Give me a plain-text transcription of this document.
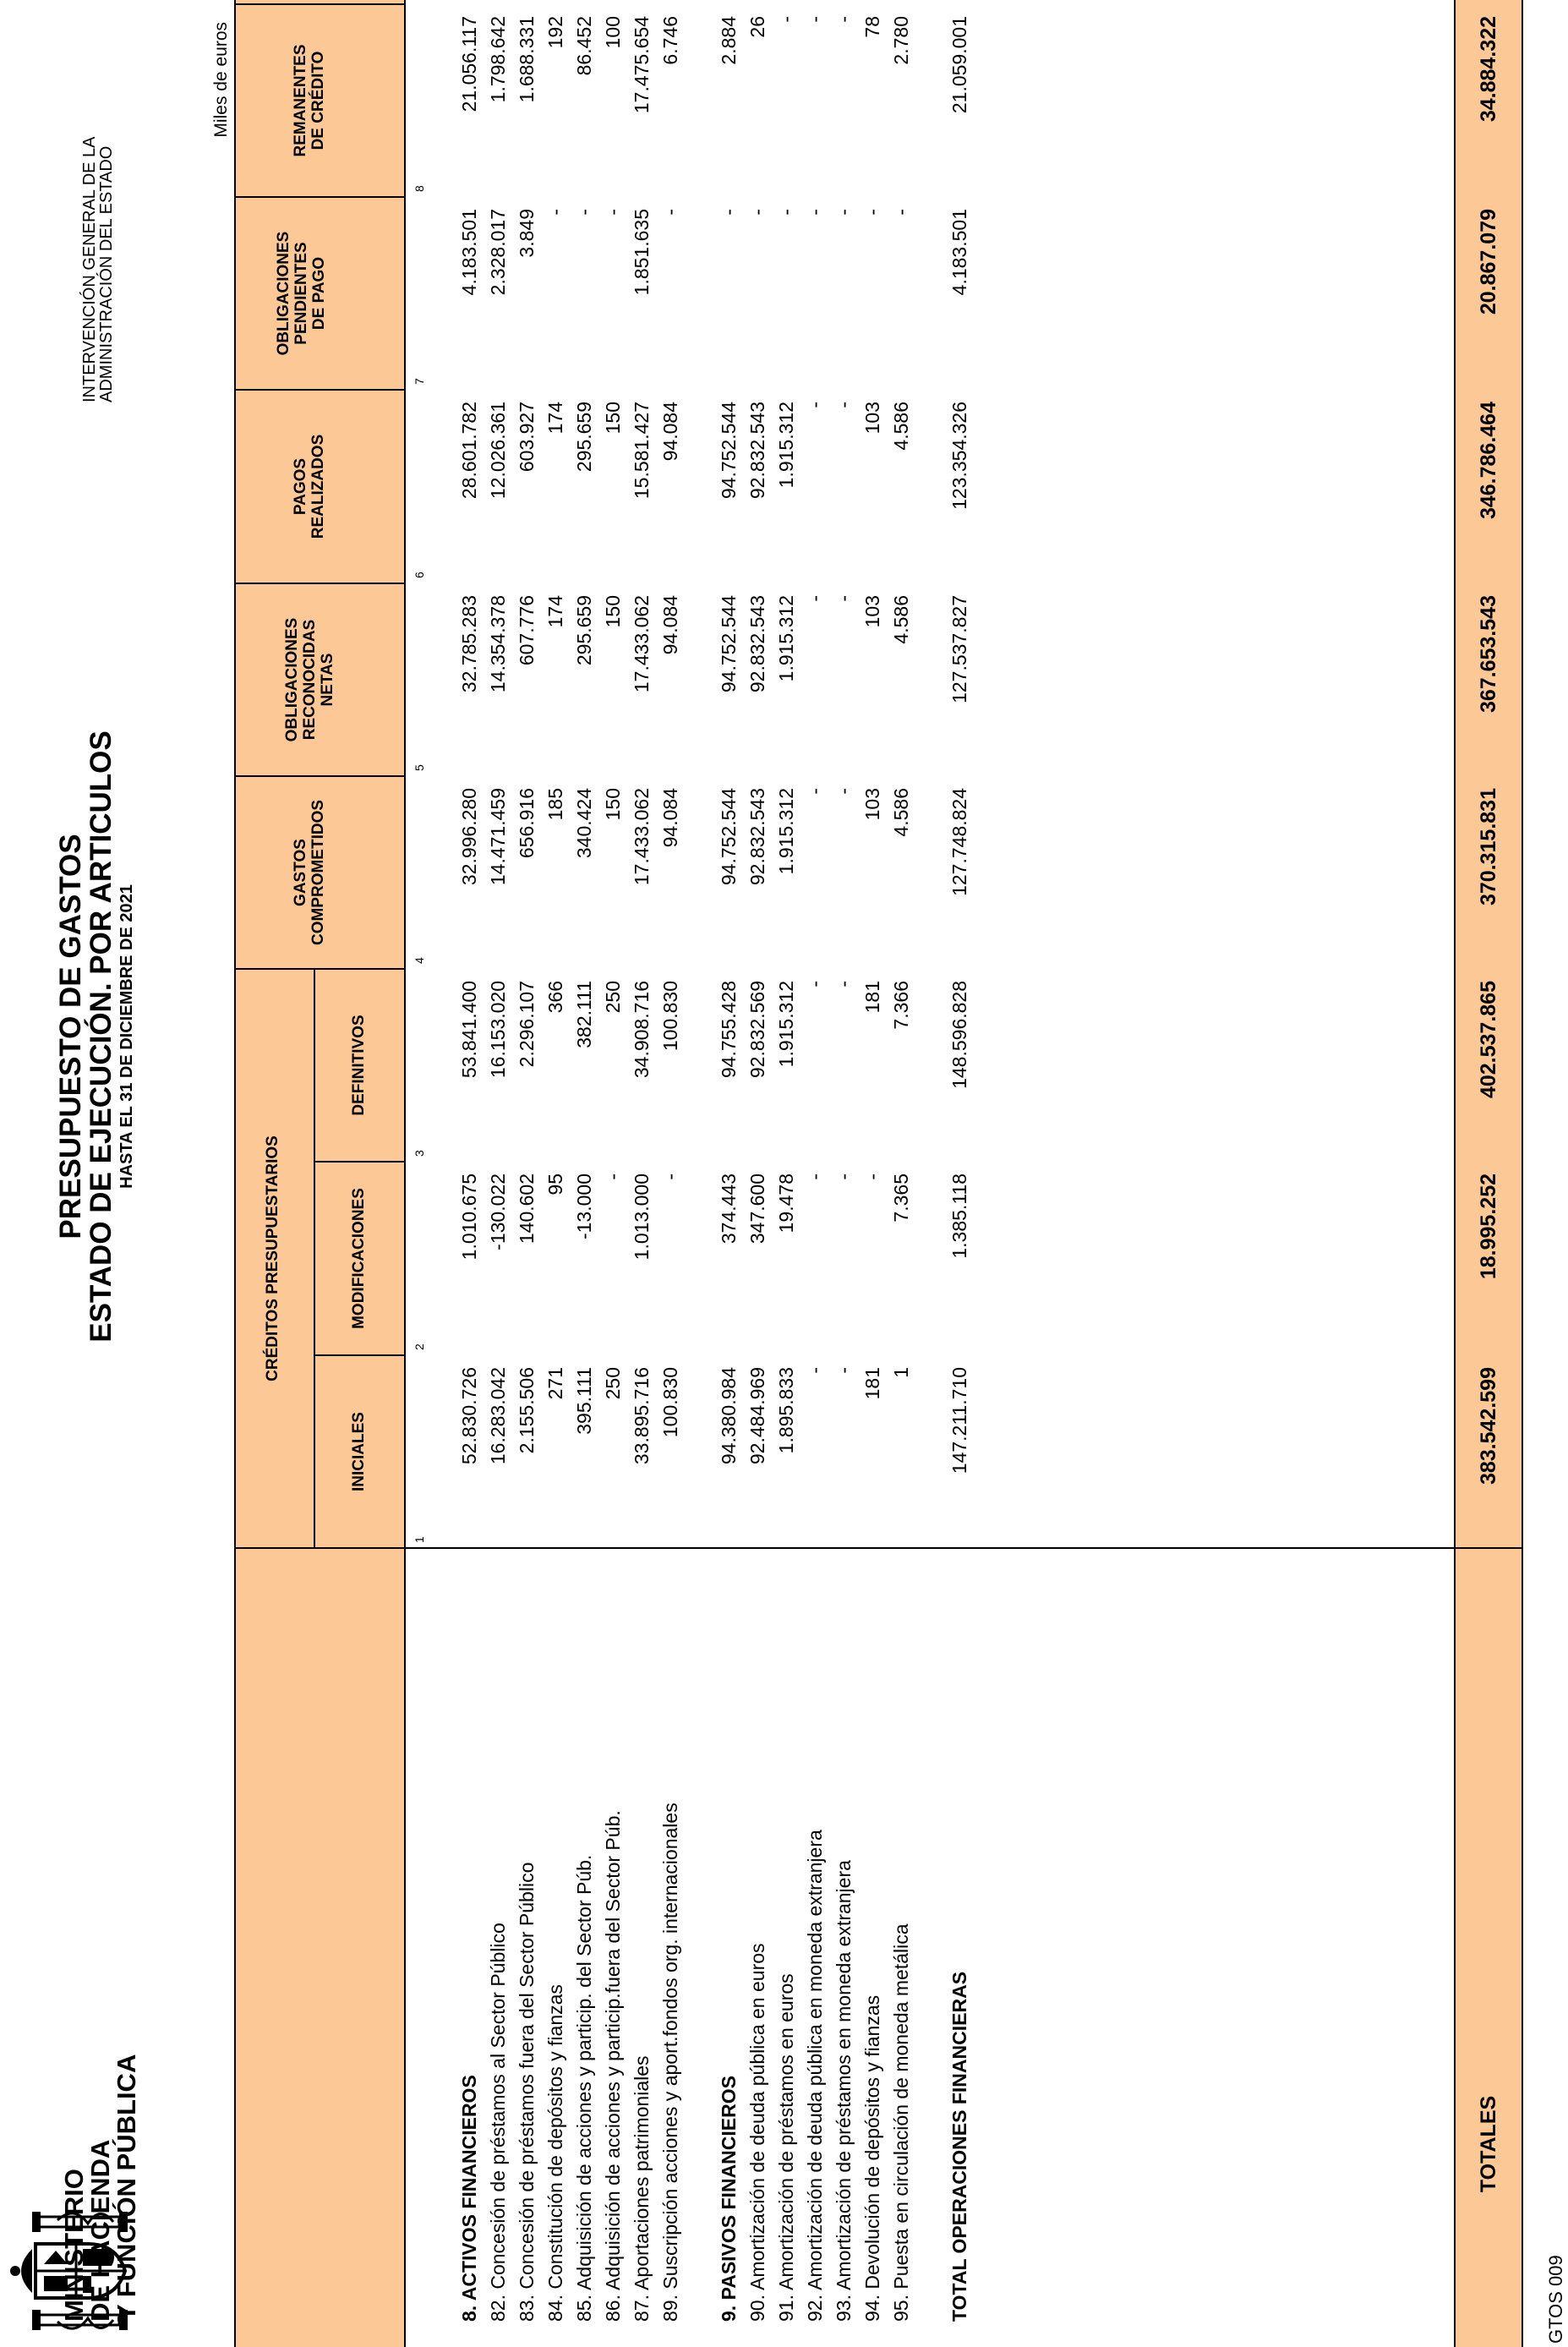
MINISTERIO
DE HACIENDA
Y FUNCIÓN PÚBLICA
PRESUPUESTO DE GASTOS
ESTADO DE EJECUCIÓN. POR ARTICULOS HASTA EL 31 DE DICIEMBRE DE 2021
INTERVENCIÓN GENERAL DE LA
ADMINISTRACIÓN DEL ESTADO
Miles de euros
CRÉDITOS PRESUPUESTARIOS
INICIALES
MODIFICACIONES
DEFINITIVOS
GASTOS COMPROMETIDOS
OBLIGACIONES RECONOCIDAS NETAS
PAGOS REALIZADOS
1
2
3
4
5
6
7
8
8. ACTIVOS FINANCIEROS
52.830.726
1.010.675
53.841.400
32.996.280
32.785.283
28.601.782
4.183.501
21.056.117
82. Concesión de préstamos al Sector Público
16.283.042
-130.022
16.153.020
14.471.459
14.354.378
12.026.361
2.328.017
1.798.642
83. Concesión de préstamos fuera del Sector Público
2.155.506
140.602
2.296.107
656.916
607.776
603.927
3.849
1.688.331
84. Constitución de depósitos y fianzas
271
95
366
185
174
174
-
192
85. Adquisición de acciones y particip. del Sector Púb.
395.111
-13.000
382.111
340.424
295.659
295.659
-
86.452
86. Adquisición de acciones y particip.fuera del Sector Púb.
250
-
250
150
150
150
-
100
87. Aportaciones patrimoniales
33.895.716
1.013.000
34.908.716
17.433.062
17.433.062
15.581.427
1.851.635
17.475.654
89. Suscripción acciones y aport.fondos org. internacionales
100.830
-
100.830
94.084
94.084
94.084
-
6.746
9. PASIVOS FINANCIEROS
94.380.984
374.443
94.755.428
94.752.544
94.752.544
94.752.544
-
2.884
90. Amortización de deuda pública en euros
92.484.969
347.600
92.832.569
92.832.543
92.832.543
92.832.543
-
26
91. Amortización de préstamos en euros
1.895.833
19.478
1.915.312
1.915.312
1.915.312
1.915.312
-
-
92. Amortización de deuda pública en moneda extranjera
-
-
-
-
-
-
-
-
93. Amortización de préstamos en moneda extranjera
-
-
-
-
-
-
-
-
94. Devolución de depósitos y fianzas
181
-
181
103
103
103
-
78
95. Puesta en circulación de moneda metálica
1
7.365
7.366
4.586
4.586
4.586
-
2.780
TOTAL OPERACIONES FINANCIERAS
147.211.710
1.385.118
148.596.828
127.748.824
127.537.827
123.354.326
4.183.501
21.059.001
TOTALES
383.542.599
18.995.252
402.537.865
370.315.831
367.653.543
346.786.464
20.867.079
34.884.322
GTOS 009
OBLIGACIONES PENDIENTES DE PAGO
REMANENTES DE CRÉDITO
